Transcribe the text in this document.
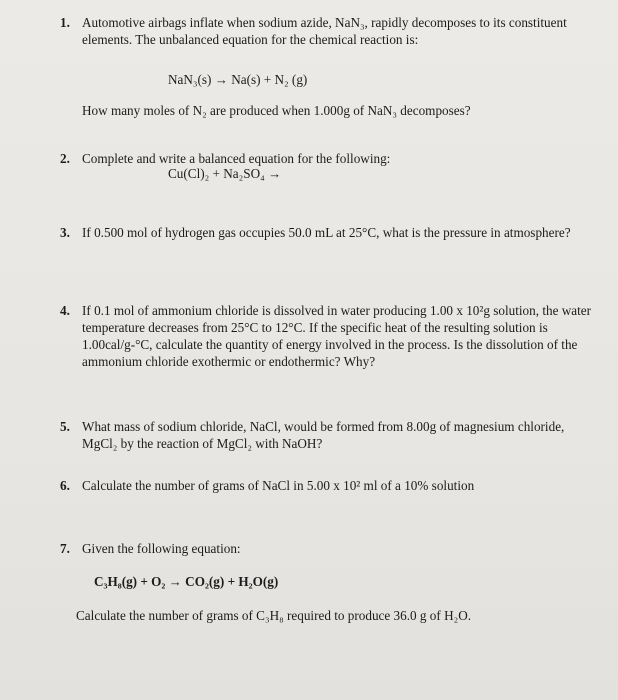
1. Automotive airbags inflate when sodium azide, NaN₃, rapidly decomposes to its constituent elements. The unbalanced equation for the chemical reaction is:
NaN₃(s) → Na(s) + N₂ (g)
How many moles of N₂ are produced when 1.000g of NaN₃ decomposes?
2. Complete and write a balanced equation for the following:
Cu(Cl)₂ + Na₂SO₄ →
3. If 0.500 mol of hydrogen gas occupies 50.0 mL at 25°C, what is the pressure in atmosphere?
4. If 0.1 mol of ammonium chloride is dissolved in water producing 1.00 x 10²g solution, the water temperature decreases from 25°C to 12°C. If the specific heat of the resulting solution is 1.00cal/g-°C, calculate the quantity of energy involved in the process. Is the dissolution of the ammonium chloride exothermic or endothermic? Why?
5. What mass of sodium chloride, NaCl, would be formed from 8.00g of magnesium chloride, MgCl₂ by the reaction of MgCl₂ with NaOH?
6. Calculate the number of grams of NaCl in 5.00 x 10² ml of a 10% solution
7. Given the following equation:
C₃H₈(g) + O₂ → CO₂(g) + H₂O(g)
Calculate the number of grams of C₃H₈ required to produce 36.0 g of H₂O.
